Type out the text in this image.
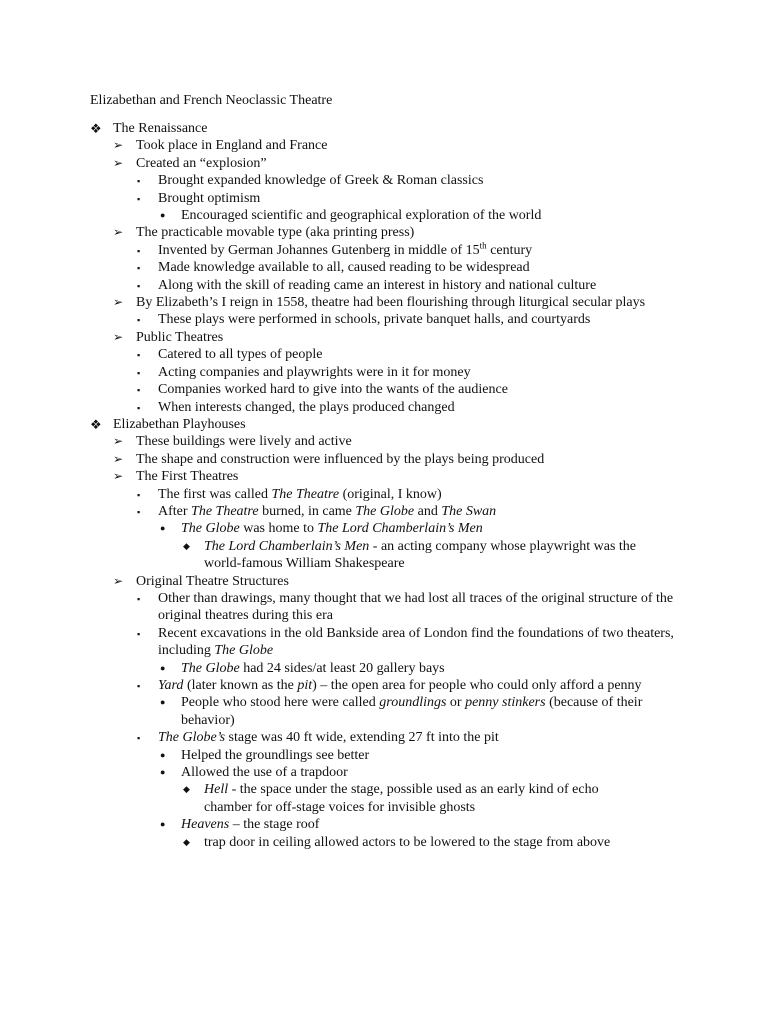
Elizabethan and French Neoclassic Theatre
❖ The Renaissance
➢ Took place in England and France
➢ Created an “explosion”
▪ Brought expanded knowledge of Greek & Roman classics
▪ Brought optimism
● Encouraged scientific and geographical exploration of the world
➢ The practicable movable type (aka printing press)
▪ Invented by German Johannes Gutenberg in middle of 15th century
▪ Made knowledge available to all, caused reading to be widespread
▪ Along with the skill of reading came an interest in history and national culture
➢ By Elizabeth’s I reign in 1558, theatre had been flourishing through liturgical secular plays
▪ These plays were performed in schools, private banquet halls, and courtyards
➢ Public Theatres
▪ Catered to all types of people
▪ Acting companies and playwrights were in it for money
▪ Companies worked hard to give into the wants of the audience
▪ When interests changed, the plays produced changed
❖ Elizabethan Playhouses
➢ These buildings were lively and active
➢ The shape and construction were influenced by the plays being produced
➢ The First Theatres
▪ The first was called The Theatre (original, I know)
▪ After The Theatre burned, in came The Globe and The Swan
● The Globe was home to The Lord Chamberlain’s Men
◆ The Lord Chamberlain’s Men - an acting company whose playwright was the world-famous William Shakespeare
➢ Original Theatre Structures
▪ Other than drawings, many thought that we had lost all traces of the original structure of the original theatres during this era
▪ Recent excavations in the old Bankside area of London find the foundations of two theaters, including The Globe
● The Globe had 24 sides/at least 20 gallery bays
▪ Yard (later known as the pit) – the open area for people who could only afford a penny
● People who stood here were called groundlings or penny stinkers (because of their behavior)
▪ The Globe’s stage was 40 ft wide, extending 27 ft into the pit
● Helped the groundlings see better
● Allowed the use of a trapdoor
◆ Hell - the space under the stage, possible used as an early kind of echo chamber for off-stage voices for invisible ghosts
● Heavens – the stage roof
◆ trap door in ceiling allowed actors to be lowered to the stage from above
